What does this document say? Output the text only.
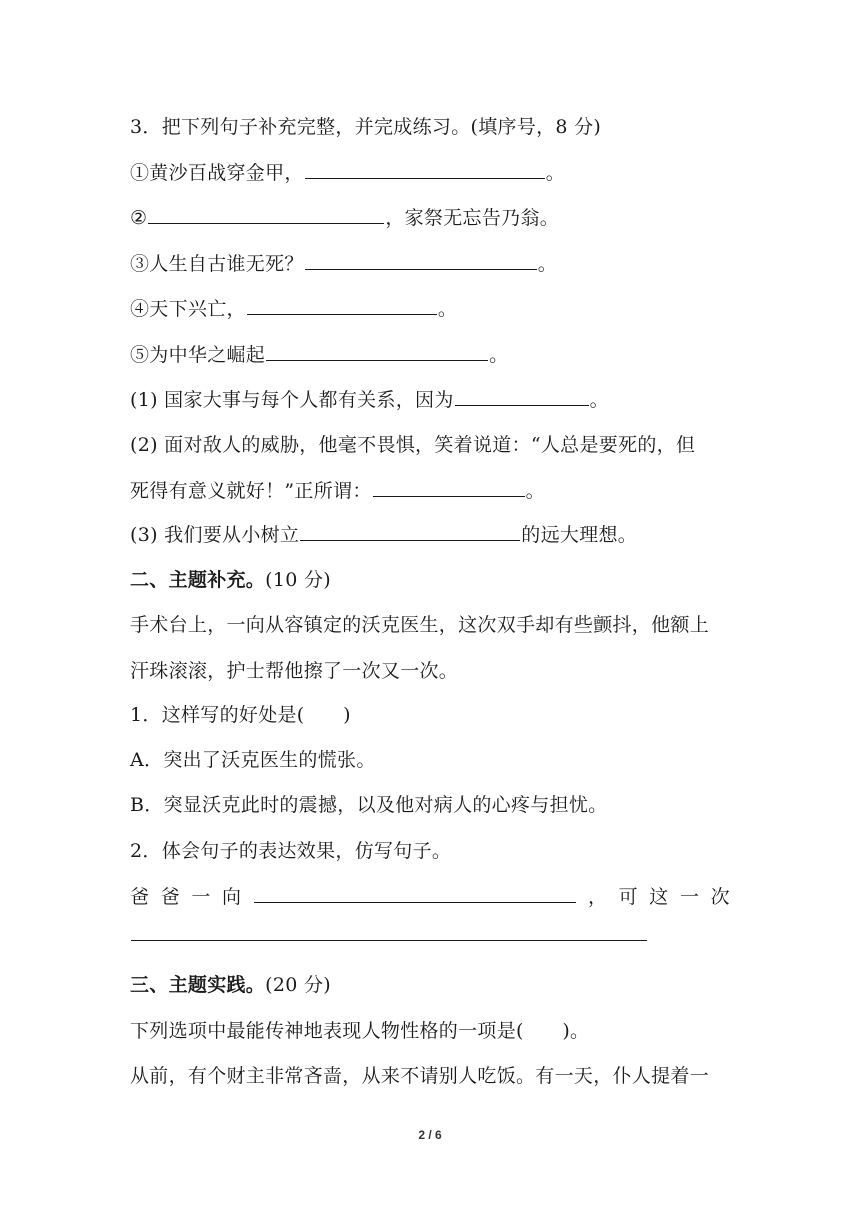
3．把下列句子补充完整，并完成练习。(填序号，8 分)
①黄沙百战穿金甲，	。
②	，家祭无忘告乃翁。
③人生自古谁无死？	。
④天下兴亡，	。
⑤为中华之崛起	。
(1) 国家大事与每个人都有关系，因为	。
(2) 面对敌人的威胁，他毫不畏惧，笑着说道：“人总是要死的，但
死得有意义就好！”正所谓：	。
(3) 我们要从小树立	的远大理想。
二、主题补充。(10 分)
手术台上，一向从容镇定的沃克医生，这次双手却有些颤抖，他额上
汗珠滚滚，护士帮他擦了一次又一次。
1．这样写的好处是(　　)
A．突出了沃克医生的慌张。
B．突显沃克此时的震撼，以及他对病人的心疼与担忧。
2．体会句子的表达效果，仿写句子。
爸 爸 一 向	， 可 这 一 次
三、主题实践。(20 分)
下列选项中最能传神地表现人物性格的一项是(　　)。
从前，有个财主非常吝啬，从来不请别人吃饭。有一天，仆人提着一
2 / 6
